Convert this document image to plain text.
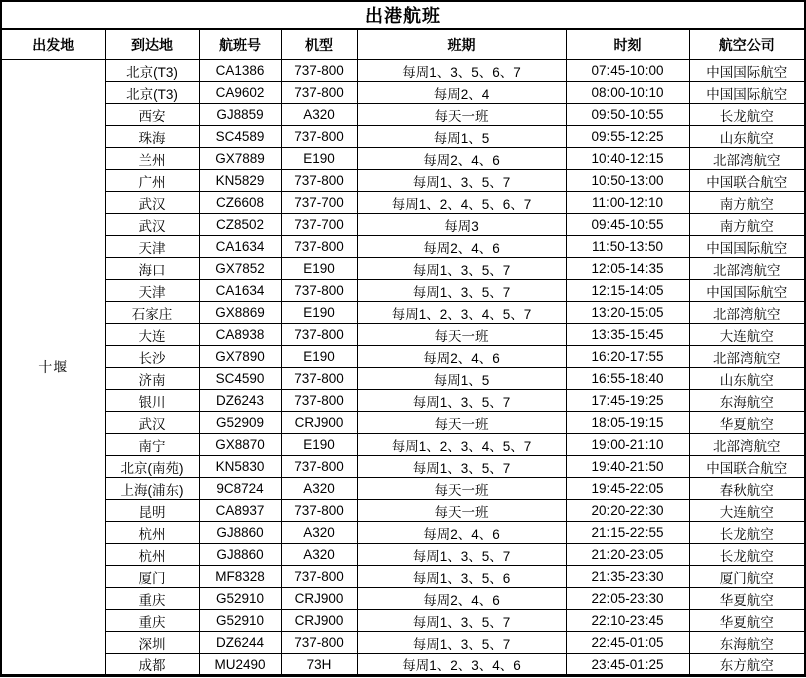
出港航班						
出发地	到达地	航班号	机型	班期	时刻	航空公司
十堰	北京(T3)	CA1386	737-800	每周1、3、5、6、7	07:45-10:00	中国国际航空
	北京(T3)	CA9602	737-800	每周2、4	08:00-10:10	中国国际航空
	西安	GJ8859	A320	每天一班	09:50-10:55	长龙航空
	珠海	SC4589	737-800	每周1、5	09:55-12:25	山东航空
	兰州	GX7889	E190	每周2、4、6	10:40-12:15	北部湾航空
	广州	KN5829	737-800	每周1、3、5、7	10:50-13:00	中国联合航空
	武汉	CZ6608	737-700	每周1、2、4、5、6、7	11:00-12:10	南方航空
	武汉	CZ8502	737-700	每周3	09:45-10:55	南方航空
	天津	CA1634	737-800	每周2、4、6	11:50-13:50	中国国际航空
	海口	GX7852	E190	每周1、3、5、7	12:05-14:35	北部湾航空
	天津	CA1634	737-800	每周1、3、5、7	12:15-14:05	中国国际航空
	石家庄	GX8869	E190	每周1、2、3、4、5、7	13:20-15:05	北部湾航空
	大连	CA8938	737-800	每天一班	13:35-15:45	大连航空
	长沙	GX7890	E190	每周2、4、6	16:20-17:55	北部湾航空
	济南	SC4590	737-800	每周1、5	16:55-18:40	山东航空
	银川	DZ6243	737-800	每周1、3、5、7	17:45-19:25	东海航空
	武汉	G52909	CRJ900	每天一班	18:05-19:15	华夏航空
	南宁	GX8870	E190	每周1、2、3、4、5、7	19:00-21:10	北部湾航空
	北京(南苑)	KN5830	737-800	每周1、3、5、7	19:40-21:50	中国联合航空
	上海(浦东)	9C8724	A320	每天一班	19:45-22:05	春秋航空
	昆明	CA8937	737-800	每天一班	20:20-22:30	大连航空
	杭州	GJ8860	A320	每周2、4、6	21:15-22:55	长龙航空
	杭州	GJ8860	A320	每周1、3、5、7	21:20-23:05	长龙航空
	厦门	MF8328	737-800	每周1、3、5、6	21:35-23:30	厦门航空
	重庆	G52910	CRJ900	每周2、4、6	22:05-23:30	华夏航空
	重庆	G52910	CRJ900	每周1、3、5、7	22:10-23:45	华夏航空
	深圳	DZ6244	737-800	每周1、3、5、7	22:45-01:05	东海航空
	成都	MU2490	73H	每周1、2、3、4、6	23:45-01:25	东方航空
